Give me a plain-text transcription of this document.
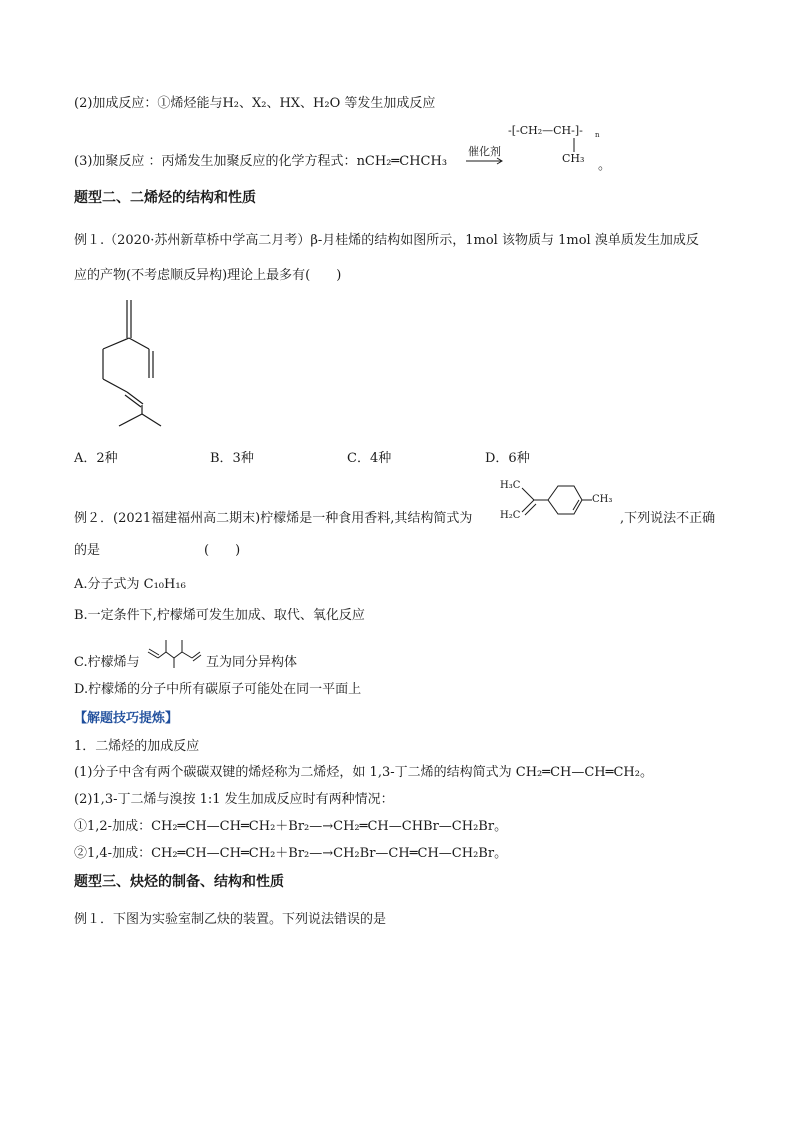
(2)加成反应：①烯烃能与H₂、X₂、HX、H₂O 等发生加成反应
(3)加聚反应 ：丙烯发生加聚反应的化学方程式：nCH₂═CHCH₃
催化剂
-[-CH₂—CH-]- n
CH₃ 。
题型二、二烯烃的结构和性质
例１.（2020·苏州新草桥中学高二月考）β-月桂烯的结构如图所示，1mol 该物质与 1mol 溴单质发生加成反
应的产物(不考虑顺反异构)理论上最多有(　　)
A．2种	B．3种	C．4种	D．6种
例２．(2021福建福州高二期末)柠檬烯是一种食用香料,其结构简式为	,下列说法不正确
H₃C
H₂C
CH₃
的是　　　　　　　　(　　)
A.分子式为 C₁₀H₁₆
B.一定条件下,柠檬烯可发生加成、取代、氧化反应
C.柠檬烯与	互为同分异构体
D.柠檬烯的分子中所有碳原子可能处在同一平面上
【解题技巧提炼】
1．二烯烃的加成反应
(1)分子中含有两个碳碳双键的烯烃称为二烯烃，如 1,3-丁二烯的结构简式为 CH₂═CH—CH═CH₂。
(2)1,3-丁二烯与溴按 1:1 发生加成反应时有两种情况：
①1,2-加成：CH₂═CH—CH═CH₂＋Br₂—→CH₂═CH—CHBr—CH₂Br。
②1,4-加成：CH₂═CH—CH═CH₂＋Br₂—→CH₂Br—CH═CH—CH₂Br。
题型三、炔烃的制备、结构和性质
例１．下图为实验室制乙炔的装置。下列说法错误的是
